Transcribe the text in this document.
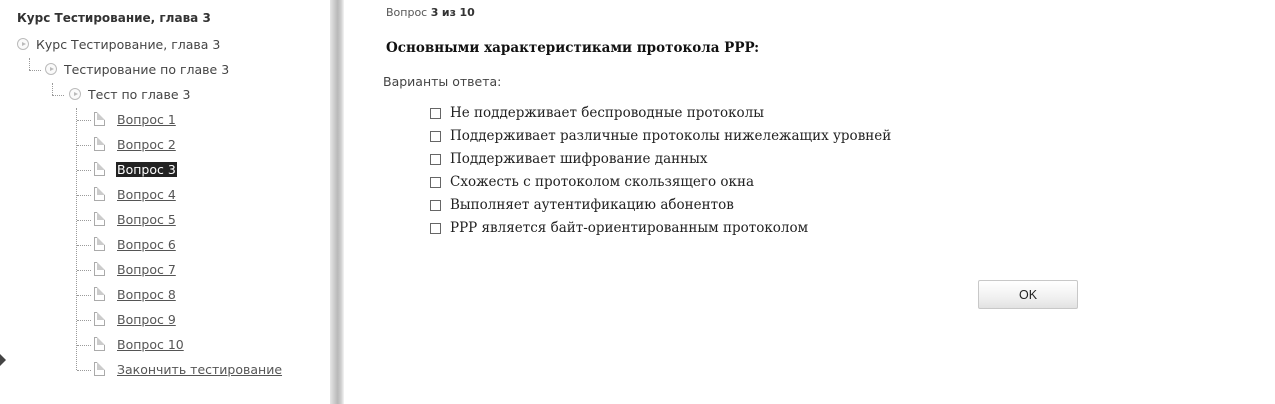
Курс Тестирование, глава 3
Курс Тестирование, глава 3
Тестирование по главе 3
Тест по главе 3
Вопрос 1
Вопрос 2
Вопрос 3
Вопрос 4
Вопрос 5
Вопрос 6
Вопрос 7
Вопрос 8
Вопрос 9
Вопрос 10
Закончить тестирование
Вопрос 3 из 10
Основными характеристиками протокола PPP:
Варианты ответа:
Не поддерживает беспроводные протоколы
Поддерживает различные протоколы нижележащих уровней
Поддерживает шифрование данных
Схожесть с протоколом скользящего окна
Выполняет аутентификацию абонентов
PPP является байт-ориентированным протоколом
OK
